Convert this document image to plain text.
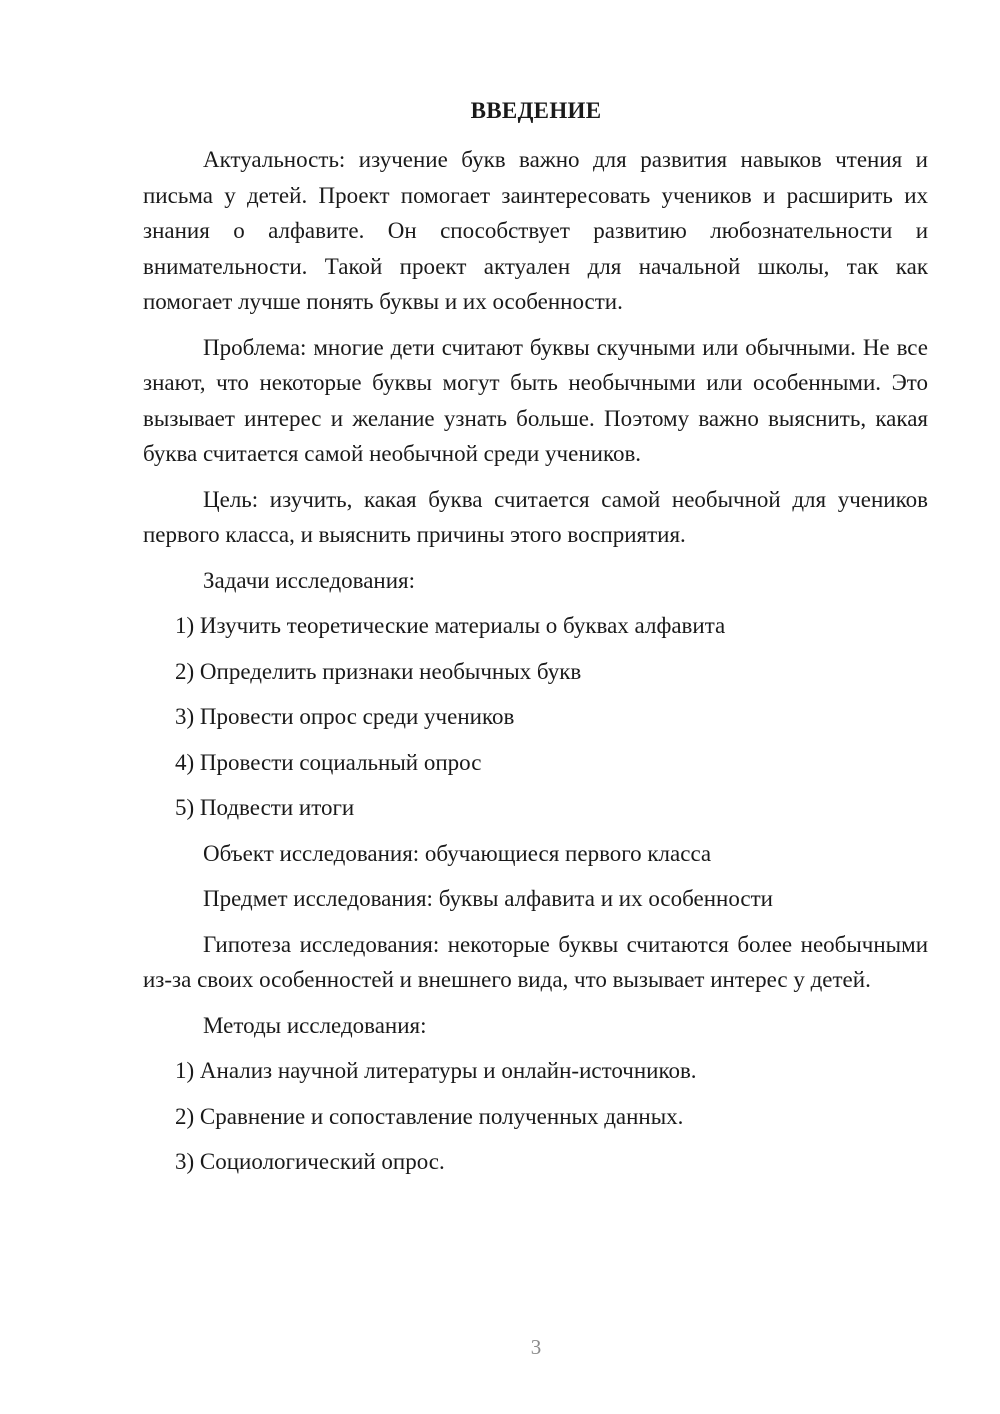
ВВЕДЕНИЕ

Актуальность: изучение букв важно для развития навыков чтения и письма у детей. Проект помогает заинтересовать учеников и расширить их знания о алфавите. Он способствует развитию любознательности и внимательности. Такой проект актуален для начальной школы, так как помогает лучше понять буквы и их особенности.

Проблема: многие дети считают буквы скучными или обычными. Не все знают, что некоторые буквы могут быть необычными или особенными. Это вызывает интерес и желание узнать больше. Поэтому важно выяснить, какая буква считается самой необычной среди учеников.

Цель: изучить, какая буква считается самой необычной для учеников первого класса, и выяснить причины этого восприятия.

Задачи исследования:

1) Изучить теоретические материалы о буквах алфавита

2) Определить признаки необычных букв

3) Провести опрос среди учеников

4) Провести социальный опрос

5) Подвести итоги

Объект исследования: обучающиеся первого класса

Предмет исследования: буквы алфавита и их особенности

Гипотеза исследования: некоторые буквы считаются более необычными из-за своих особенностей и внешнего вида, что вызывает интерес у детей.

Методы исследования:

1) Анализ научной литературы и онлайн-источников.

2) Сравнение и сопоставление полученных данных.

3) Социологический опрос.

3
